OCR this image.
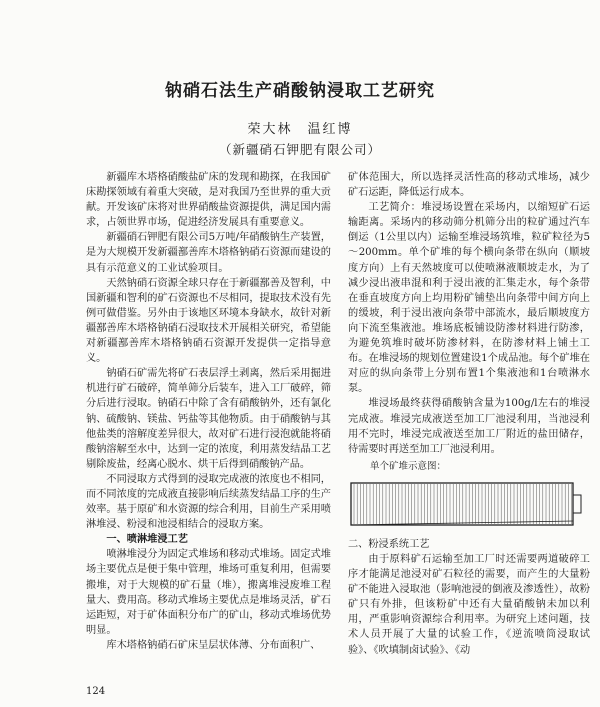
钠硝石法生产硝酸钠浸取工艺研究
荣大林　温红博
（新疆硝石钾肥有限公司）

新疆库木塔格硝酸盐矿床的发现和勘探，在我国矿床勘探领域有着重大突破，是对我国乃至世界的重大贡献。开发该矿床将对世界硝酸盐资源提供，满足国内需求，占领世界市场，促进经济发展具有重要意义。

新疆硝石钾肥有限公司5万吨/年硝酸钠生产装置，是为大规模开发新疆鄯善库木塔格钠硝石资源而建设的具有示范意义的工业试验项目。

天然钠硝石资源全球只存在于新疆鄯善及智利，中国新疆和智利的矿石资源也不尽相同，提取技术没有先例可做借鉴。另外由于该地区环境本身缺水，故针对新疆鄯善库木塔格钠硝石浸取技术开展相关研究，希望能对新疆鄯善库木塔格钠硝石资源开发提供一定指导意义。

钠硝石矿需先将矿石表层浮土剥离，然后采用掘进机进行矿石破碎，简单筛分后装车，进入工厂破碎，筛分后进行浸取。钠硝石中除了含有硝酸钠外，还有氯化钠、硫酸钠、镁盐、钙盐等其他物质。由于硝酸钠与其他盐类的溶解度差异很大，故对矿石进行浸泡就能将硝酸钠溶解至水中，达到一定的浓度，利用蒸发结晶工艺剔除废盐，经离心脱水、烘干后得到硝酸钠产品。

不同浸取方式得到的浸取完成液的浓度也不相同，而不同浓度的完成液直接影响后续蒸发结晶工序的生产效率。基于原矿和水资源的综合利用，目前生产采用喷淋堆浸、粉浸和池浸相结合的浸取方案。

一、喷淋堆浸工艺

喷淋堆浸分为固定式堆场和移动式堆场。固定式堆场主要优点是便于集中管理，堆场可重复利用，但需要搬堆，对于大规模的矿石量（堆），搬离堆浸废堆工程量大、费用高。移动式堆场主要优点是堆场灵活，矿石运距短，对于矿体面积分布广的矿山，移动式堆场优势明显。

库木塔格钠硝石矿床呈层状体薄、分布面积广、

矿体范围大，所以选择灵活性高的移动式堆场，减少矿石运距，降低运行成本。

工艺简介：堆浸场设置在采场内，以缩短矿石运输距离。采场内的移动筛分机筛分出的粒矿通过汽车倒运（1公里以内）运输至堆浸场筑堆，粒矿粒径为5～200mm。单个矿堆的每个横向条带在纵向（顺坡度方向）上有天然坡度可以使喷淋液顺坡走水，为了减少浸出液串混和利于浸出液的汇集走水，每个条带在垂直坡度方向上均用粉矿铺垫出向条带中间方向上的缓坡，利于浸出液向条带中部流水，最后顺坡度方向下流至集液池。堆场底板铺设防渗材料进行防渗，为避免筑堆时破坏防渗材料，在防渗材料上铺土工布。在堆浸场的规划位置建设1个成品池。每个矿堆在对应的纵向条带上分别布置1个集液池和1台喷淋水泵。

堆浸场最终获得硝酸钠含量为100g/l左右的堆浸完成液。堆浸完成液送至加工厂池浸利用，当池浸利用不完时，堆浸完成液送至加工厂附近的盐田储存，待需要时再送至加工厂池浸利用。

单个矿堆示意图：
二、粉浸系统工艺

由于原料矿石运输至加工厂时还需要两道破碎工序才能满足池浸对矿石粒径的需要，而产生的大量粉矿不能进入浸取池（影响池浸的倒液及渗透性），故粉矿只有外排，但该粉矿中还有大量硝酸钠未加以利用，严重影响资源综合利用率。为研究上述问题，技术人员开展了大量的试验工作，《逆流喷筒浸取试验》、《吹填制卤试验》、《动

124
